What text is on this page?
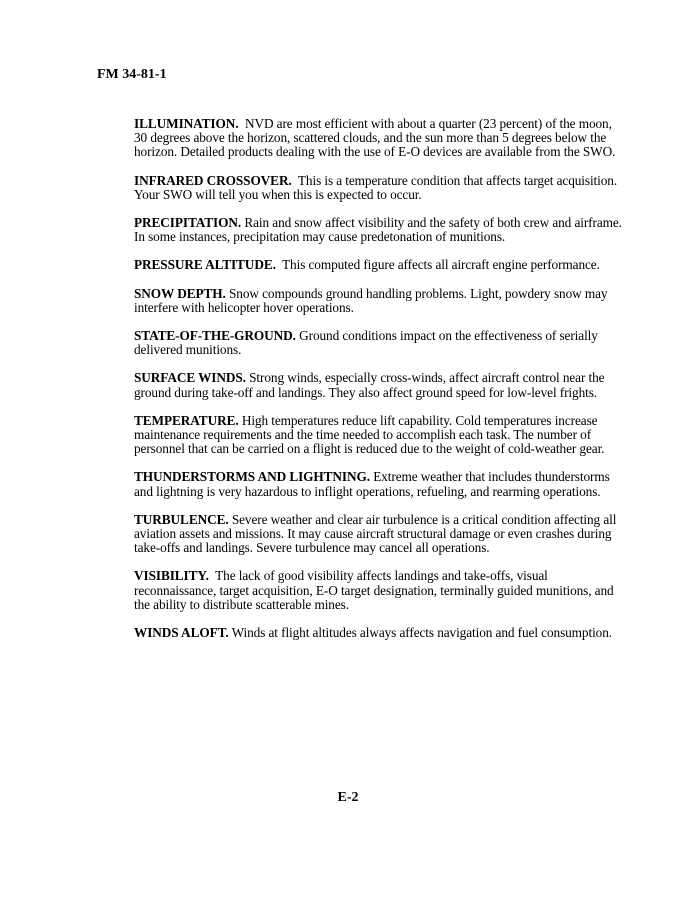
FM 34-81-1

ILLUMINATION. NVD are most efficient with about a quarter (23 percent) of the moon, 30 degrees above the horizon, scattered clouds, and the sun more than 5 degrees below the horizon. Detailed products dealing with the use of E-O devices are available from the SWO.

INFRARED CROSSOVER. This is a temperature condition that affects target acquisition. Your SWO will tell you when this is expected to occur.

PRECIPITATION. Rain and snow affect visibility and the safety of both crew and airframe. In some instances, precipitation may cause predetonation of munitions.

PRESSURE ALTITUDE. This computed figure affects all aircraft engine performance.

SNOW DEPTH. Snow compounds ground handling problems. Light, powdery snow may interfere with helicopter hover operations.

STATE-OF-THE-GROUND. Ground conditions impact on the effectiveness of serially delivered munitions.

SURFACE WINDS. Strong winds, especially cross-winds, affect aircraft control near the ground during take-off and landings. They also affect ground speed for low-level frights.

TEMPERATURE. High temperatures reduce lift capability. Cold temperatures increase maintenance requirements and the time needed to accomplish each task. The number of personnel that can be carried on a flight is reduced due to the weight of cold-weather gear.

THUNDERSTORMS AND LIGHTNING. Extreme weather that includes thunderstorms and lightning is very hazardous to inflight operations, refueling, and rearming operations.

TURBULENCE. Severe weather and clear air turbulence is a critical condition affecting all aviation assets and missions. It may cause aircraft structural damage or even crashes during take-offs and landings. Severe turbulence may cancel all operations.

VISIBILITY. The lack of good visibility affects landings and take-offs, visual reconnaissance, target acquisition, E-O target designation, terminally guided munitions, and the ability to distribute scatterable mines.

WINDS ALOFT. Winds at flight altitudes always affects navigation and fuel consumption.

E-2
